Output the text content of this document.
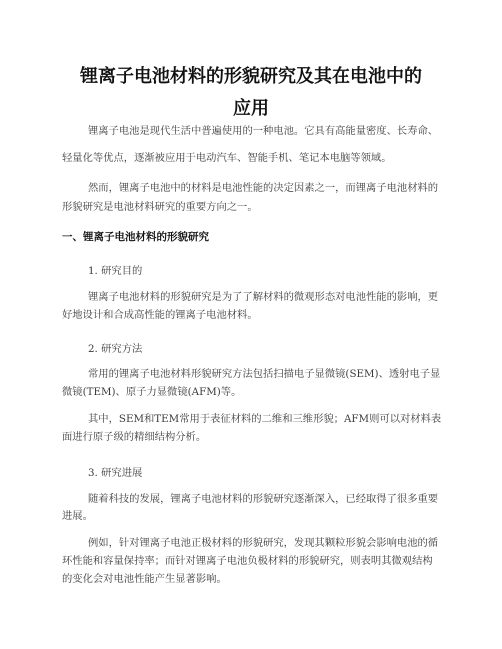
锂离子电池材料的形貌研究及其在电池中的
应用

锂离子电池是现代生活中普遍使用的一种电池。它具有高能量密度、长寿命、

轻量化等优点，逐渐被应用于电动汽车、智能手机、笔记本电脑等领域。

然而，锂离子电池中的材料是电池性能的决定因素之一，而锂离子电池材料的

形貌研究是电池材料研究的重要方向之一。

一、锂离子电池材料的形貌研究

1. 研究目的

锂离子电池材料的形貌研究是为了了解材料的微观形态对电池性能的影响，更

好地设计和合成高性能的锂离子电池材料。

2. 研究方法

常用的锂离子电池材料形貌研究方法包括扫描电子显微镜(SEM)、透射电子显

微镜(TEM)、原子力显微镜(AFM)等。

其中，SEM和TEM常用于表征材料的二维和三维形貌；AFM则可以对材料表

面进行原子级的精细结构分析。

3. 研究进展

随着科技的发展，锂离子电池材料的形貌研究逐渐深入，已经取得了很多重要

进展。

例如，针对锂离子电池正极材料的形貌研究，发现其颗粒形貌会影响电池的循

环性能和容量保持率；而针对锂离子电池负极材料的形貌研究，则表明其微观结构

的变化会对电池性能产生显著影响。
